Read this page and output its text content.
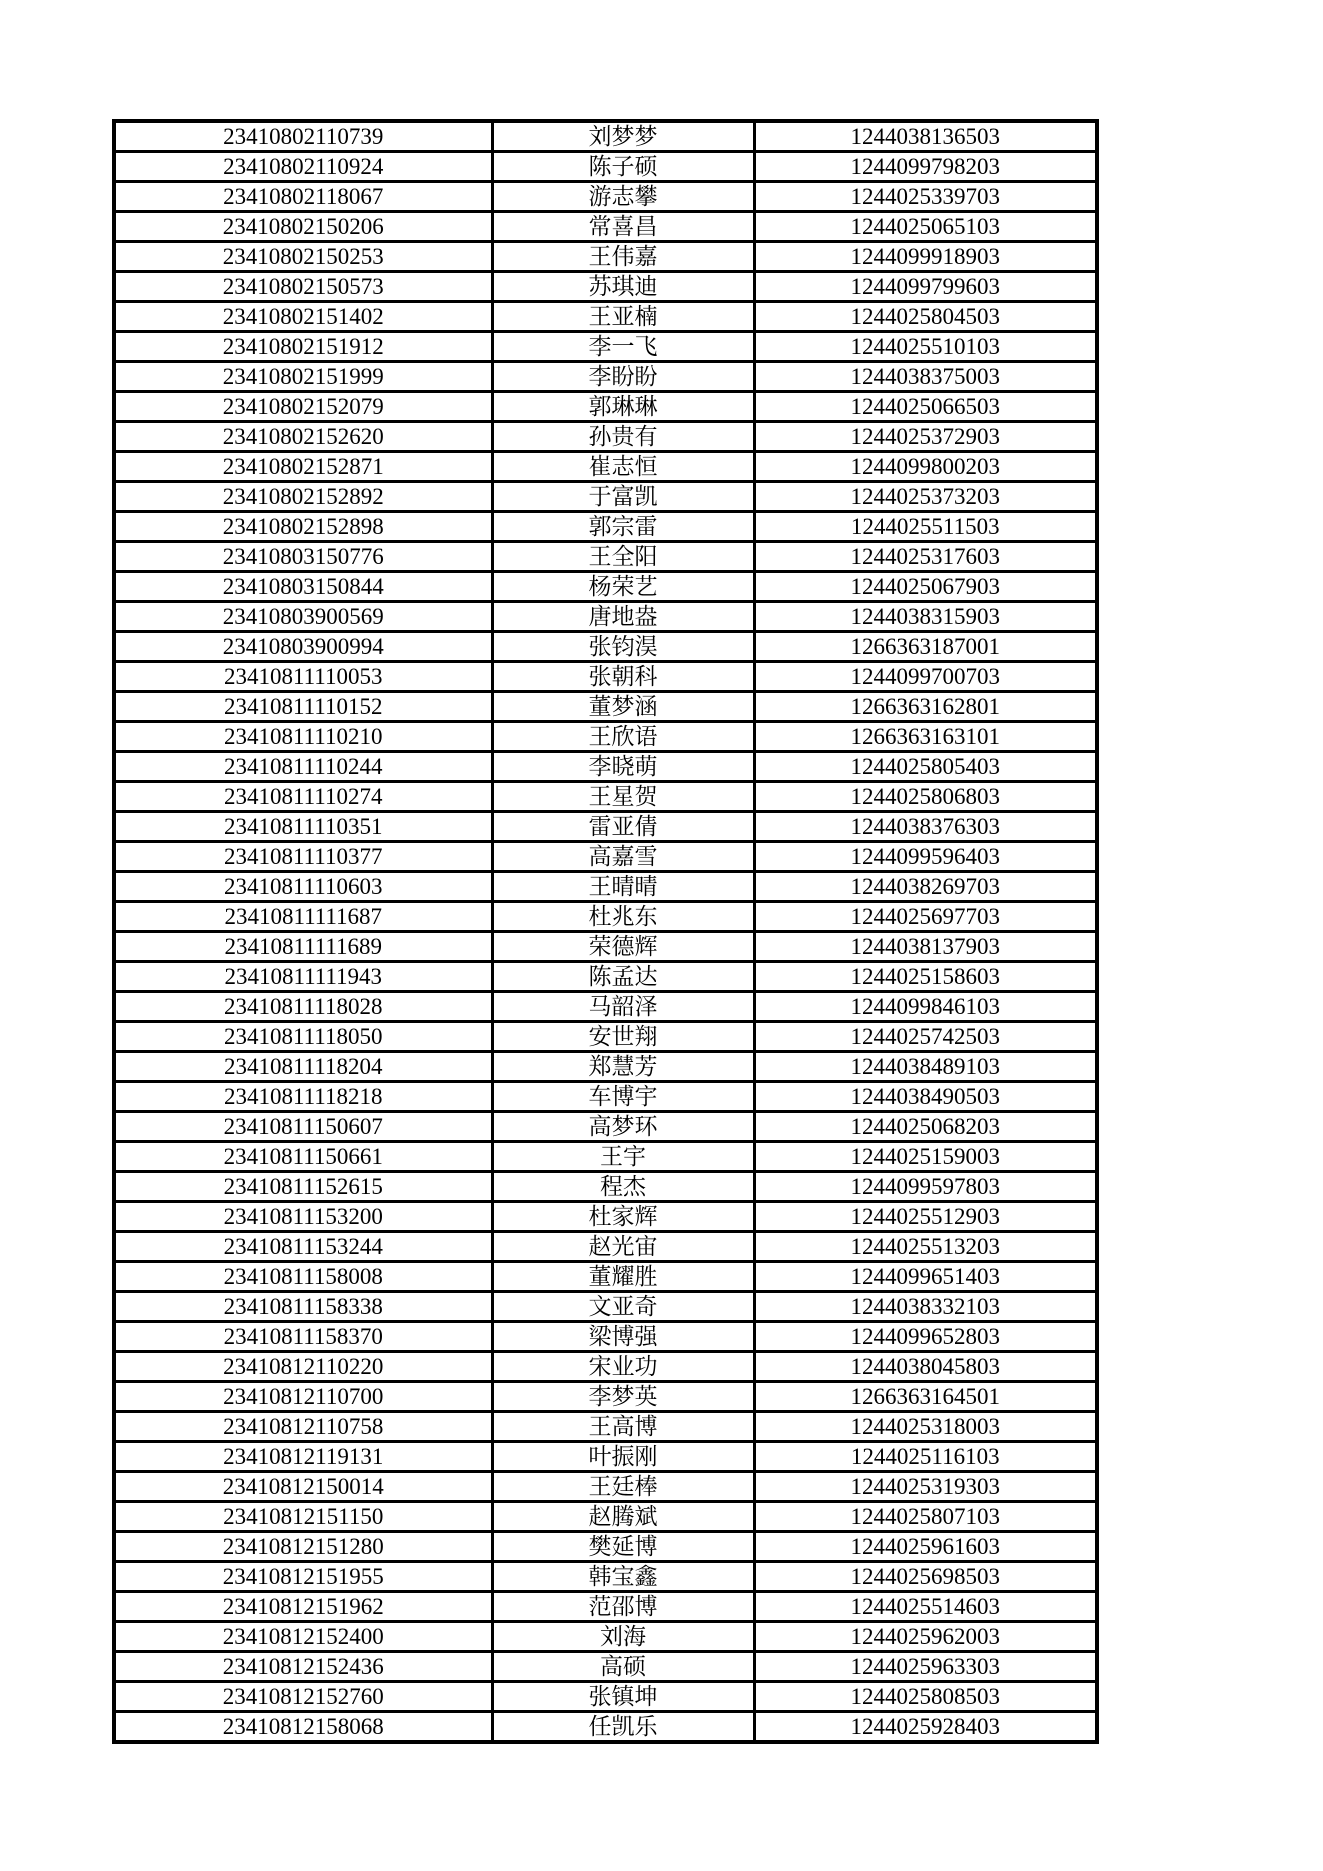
23410802110739	刘梦梦	1244038136503
23410802110924	陈子硕	1244099798203
23410802118067	游志攀	1244025339703
23410802150206	常喜昌	1244025065103
23410802150253	王伟嘉	1244099918903
23410802150573	苏琪迪	1244099799603
23410802151402	王亚楠	1244025804503
23410802151912	李一飞	1244025510103
23410802151999	李盼盼	1244038375003
23410802152079	郭琳琳	1244025066503
23410802152620	孙贵有	1244025372903
23410802152871	崔志恒	1244099800203
23410802152892	于富凯	1244025373203
23410802152898	郭宗雷	1244025511503
23410803150776	王全阳	1244025317603
23410803150844	杨荣艺	1244025067903
23410803900569	唐地盎	1244038315903
23410803900994	张钧淏	1266363187001
23410811110053	张朝科	1244099700703
23410811110152	董梦涵	1266363162801
23410811110210	王欣语	1266363163101
23410811110244	李晓萌	1244025805403
23410811110274	王星贺	1244025806803
23410811110351	雷亚倩	1244038376303
23410811110377	高嘉雪	1244099596403
23410811110603	王晴晴	1244038269703
23410811111687	杜兆东	1244025697703
23410811111689	荣德辉	1244038137903
23410811111943	陈孟达	1244025158603
23410811118028	马韶泽	1244099846103
23410811118050	安世翔	1244025742503
23410811118204	郑慧芳	1244038489103
23410811118218	车博宇	1244038490503
23410811150607	高梦环	1244025068203
23410811150661	王宇	1244025159003
23410811152615	程杰	1244099597803
23410811153200	杜家辉	1244025512903
23410811153244	赵光宙	1244025513203
23410811158008	董耀胜	1244099651403
23410811158338	文亚奇	1244038332103
23410811158370	梁博强	1244099652803
23410812110220	宋业功	1244038045803
23410812110700	李梦英	1266363164501
23410812110758	王高博	1244025318003
23410812119131	叶振刚	1244025116103
23410812150014	王廷棒	1244025319303
23410812151150	赵腾斌	1244025807103
23410812151280	樊延博	1244025961603
23410812151955	韩宝鑫	1244025698503
23410812151962	范邵博	1244025514603
23410812152400	刘海	1244025962003
23410812152436	高硕	1244025963303
23410812152760	张镇坤	1244025808503
23410812158068	任凯乐	1244025928403
